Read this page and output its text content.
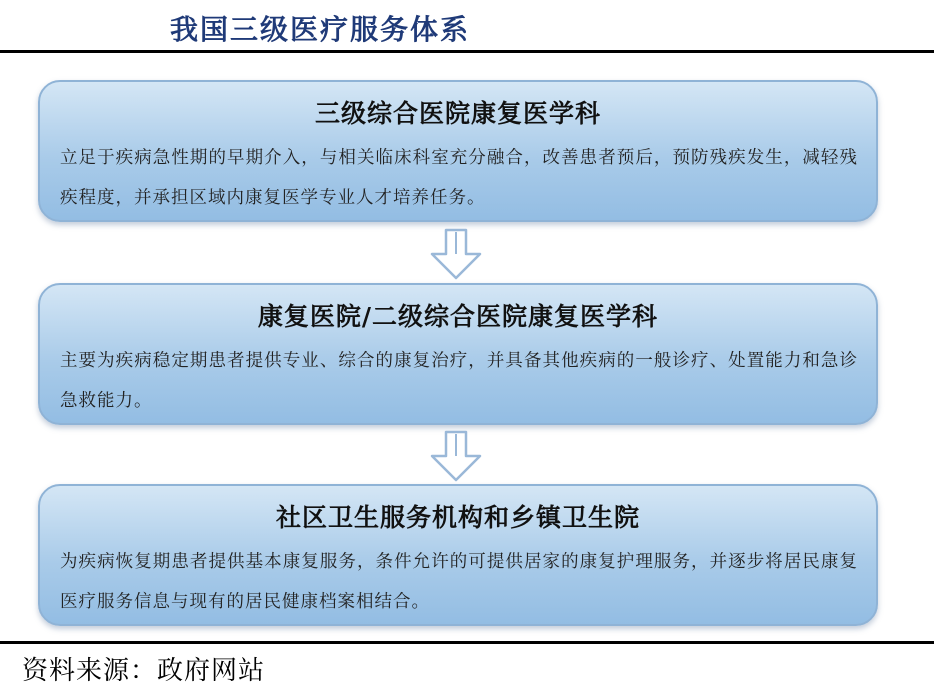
我国三级医疗服务体系
三级综合医院康复医学科
立足于疾病急性期的早期介入，与相关临床科室充分融合，改善患者预后，预防残疾发生，减轻残疾程度，并承担区域内康复医学专业人才培养任务。
康复医院/二级综合医院康复医学科
主要为疾病稳定期患者提供专业、综合的康复治疗，并具备其他疾病的一般诊疗、处置能力和急诊急救能力。
社区卫生服务机构和乡镇卫生院
为疾病恢复期患者提供基本康复服务，条件允许的可提供居家的康复护理服务，并逐步将居民康复医疗服务信息与现有的居民健康档案相结合。
资料来源：政府网站
